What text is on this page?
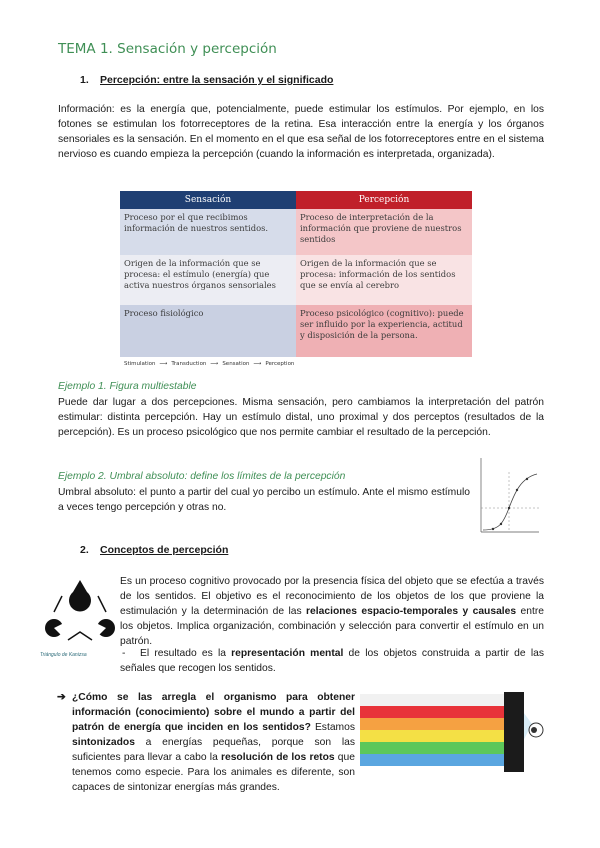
TEMA 1. Sensación y percepción
1. Percepción: entre la sensación y el significado
Información: es la energía que, potencialmente, puede estimular los estímulos. Por ejemplo, en los fotones se estimulan los fotorreceptores de la retina. Esa interacción entre la energía y los órganos sensoriales es la sensación. En el momento en el que esa señal de los fotorreceptores entre en el sistema nervioso es cuando empieza la percepción (cuando la información es interpretada, organizada).
Sensación	Percepción
Proceso por el que recibimos información de nuestros sentidos.	Proceso de interpretación de la información que proviene de nuestros sentidos
Origen de la información que se procesa: el estímulo (energía) que activa nuestros órganos sensoriales	Origen de la información que se procesa: información de los sentidos que se envía al cerebro
Proceso fisiológico	Proceso psicológico (cognitivo): puede ser influido por la experiencia, actitud y disposición de la persona.
Stimulation ⟶ Transduction ⟶ Sensation ⟶ Perception
Ejemplo 1. Figura multiestable
Puede dar lugar a dos percepciones. Misma sensación, pero cambiamos la interpretación del patrón estimular: distinta percepción. Hay un estímulo distal, uno proximal y dos perceptos (resultados de la percepción). Es un proceso psicológico que nos permite cambiar el resultado de la percepción.
Ejemplo 2. Umbral absoluto: define los límites de la percepción
Umbral absoluto: el punto a partir del cual yo percibo un estímulo. Ante el mismo estímulo a veces tengo percepción y otras no.
2. Conceptos de percepción
Triángulo de Kanizsa
Es un proceso cognitivo provocado por la presencia física del objeto que se efectúa a través de los sentidos. El objetivo es el reconocimiento de los objetos de los que proviene la estimulación y la determinación de las relaciones espacio-temporales y causales entre los objetos. Implica organización, combinación y selección para convertir el estímulo en un patrón.
- El resultado es la representación mental de los objetos construida a partir de las señales que recogen los sentidos.
➔ ¿Cómo se las arregla el organismo para obtener información (conocimiento) sobre el mundo a partir del patrón de energía que inciden en los sentidos? Estamos sintonizados a energías pequeñas, porque son las suficientes para llevar a cabo la resolución de los retos que tenemos como especie. Para los animales es diferente, son capaces de sintonizar energías más grandes.
